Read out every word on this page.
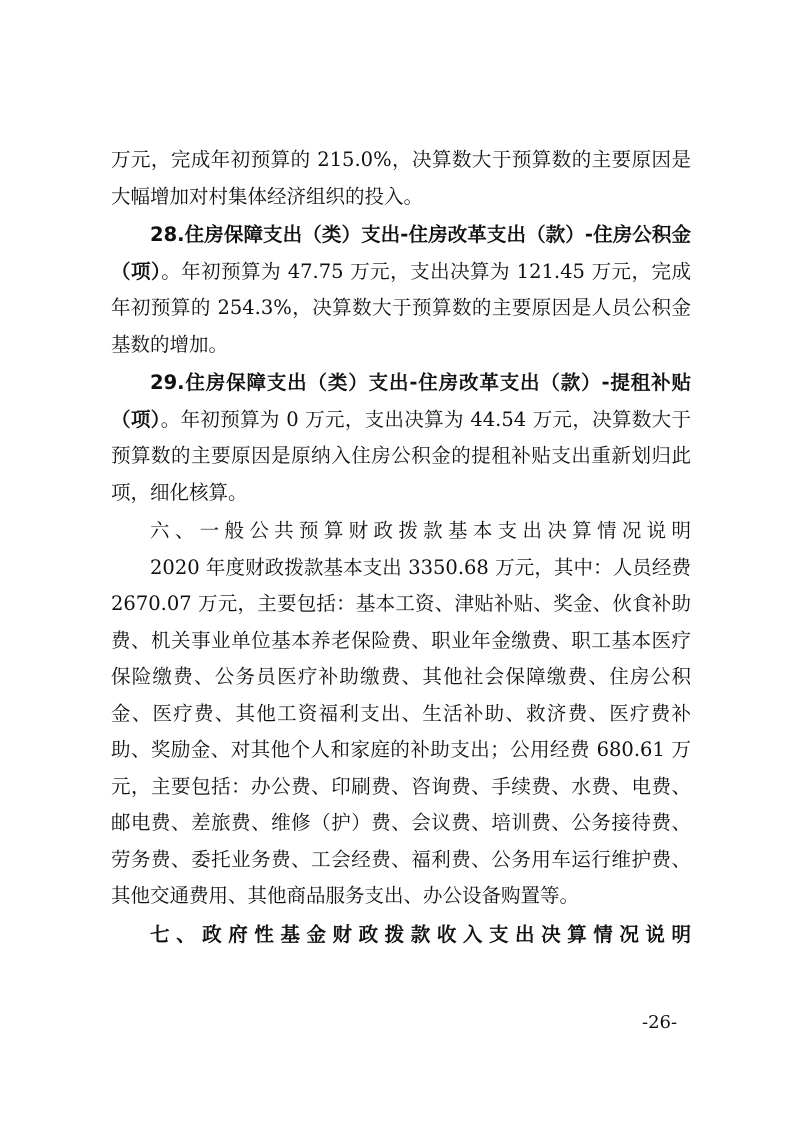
万元，完成年初预算的 215.0%，决算数大于预算数的主要原因是大幅增加对村集体经济组织的投入。

28.住房保障支出（类）支出-住房改革支出（款）-住房公积金（项）。年初预算为 47.75 万元，支出决算为 121.45 万元，完成年初预算的 254.3%，决算数大于预算数的主要原因是人员公积金基数的增加。

29.住房保障支出（类）支出-住房改革支出（款）-提租补贴（项）。年初预算为 0 万元，支出决算为 44.54 万元，决算数大于预算数的主要原因是原纳入住房公积金的提租补贴支出重新划归此项，细化核算。

六、一般公共预算财政拨款基本支出决算情况说明

2020 年度财政拨款基本支出 3350.68 万元，其中：人员经费 2670.07 万元，主要包括：基本工资、津贴补贴、奖金、伙食补助费、机关事业单位基本养老保险费、职业年金缴费、职工基本医疗保险缴费、公务员医疗补助缴费、其他社会保障缴费、住房公积金、医疗费、其他工资福利支出、生活补助、救济费、医疗费补助、奖励金、对其他个人和家庭的补助支出；公用经费 680.61 万元，主要包括：办公费、印刷费、咨询费、手续费、水费、电费、邮电费、差旅费、维修（护）费、会议费、培训费、公务接待费、劳务费、委托业务费、工会经费、福利费、公务用车运行维护费、其他交通费用、其他商品服务支出、办公设备购置等。

七、政府性基金财政拨款收入支出决算情况说明

-26-
